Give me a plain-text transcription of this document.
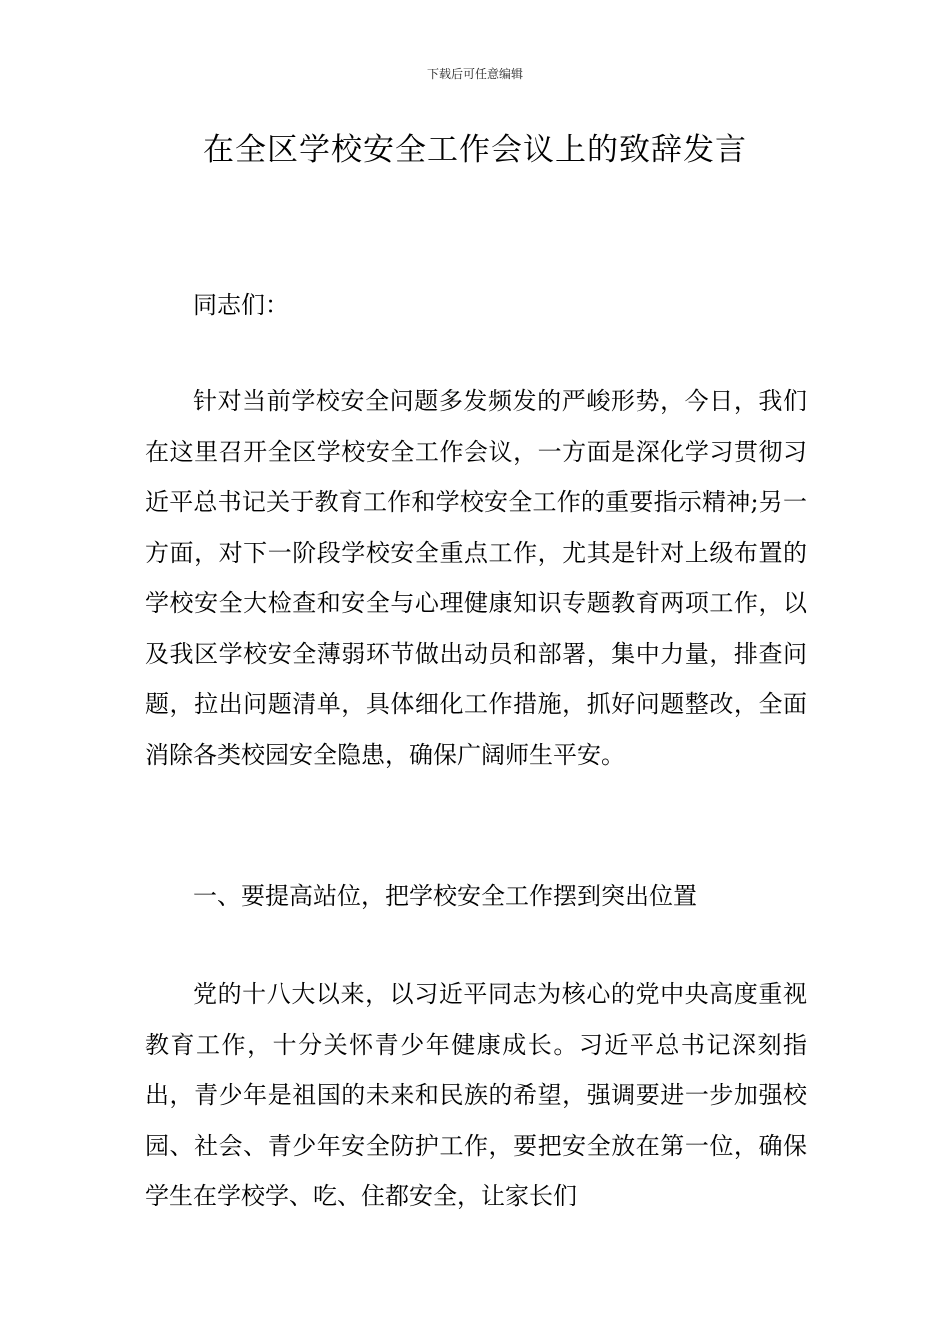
下载后可任意编辑
在全区学校安全工作会议上的致辞发言

同志们：

针对当前学校安全问题多发频发的严峻形势，今日，我们在这里召开全区学校安全工作会议，一方面是深化学习贯彻习近平总书记关于教育工作和学校安全工作的重要指示精神;另一方面，对下一阶段学校安全重点工作，尤其是针对上级布置的学校安全大检查和安全与心理健康知识专题教育两项工作，以及我区学校安全薄弱环节做出动员和部署，集中力量，排查问题，拉出问题清单，具体细化工作措施，抓好问题整改，全面消除各类校园安全隐患，确保广阔师生平安。

一、要提高站位，把学校安全工作摆到突出位置

党的十八大以来，以习近平同志为核心的党中央高度重视教育工作，十分关怀青少年健康成长。习近平总书记深刻指出，青少年是祖国的未来和民族的希望，强调要进一步加强校园、社会、青少年安全防护工作，要把安全放在第一位，确保学生在学校学、吃、住都安全，让家长们
